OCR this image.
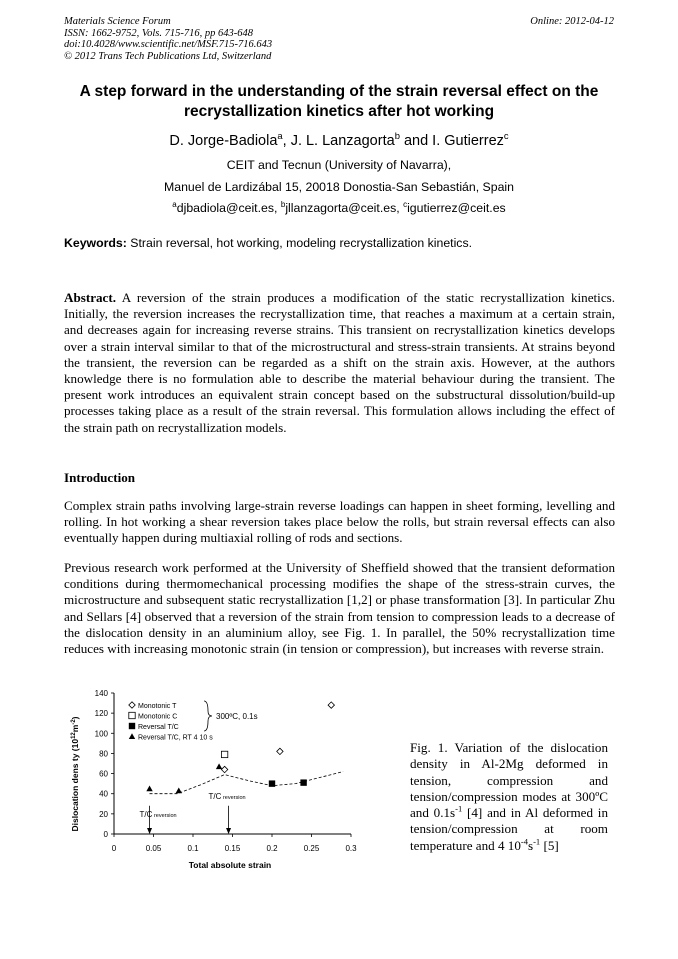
Materials Science Forum
ISSN: 1662-9752, Vols. 715-716, pp 643-648
doi:10.4028/www.scientific.net/MSF.715-716.643
© 2012 Trans Tech Publications Ltd, Switzerland
Online: 2012-04-12
A step forward in the understanding of the strain reversal effect on the recrystallization kinetics after hot working
D. Jorge-Badiola$^a$, J. L. Lanzagorta$^b$ and I. Gutierrez$^c$
CEIT and Tecnun (University of Navarra),
Manuel de Lardizábal 15, 20018 Donostia-San Sebastián, Spain
$^a$djbadiola@ceit.es, $^b$jllanzagorta@ceit.es, $^c$igutierrez@ceit.es
Keywords: Strain reversal, hot working, modeling recrystallization kinetics.
Abstract. A reversion of the strain produces a modification of the static recrystallization kinetics. Initially, the reversion increases the recrystallization time, that reaches a maximum at a certain strain, and decreases again for increasing reverse strains. This transient on recrystallization kinetics develops over a strain interval similar to that of the microstructural and stress-strain transients. At strains beyond the transient, the reversion can be regarded as a shift on the strain axis. However, at the authors knowledge there is no formulation able to describe the material behaviour during the transient. The present work introduces an equivalent strain concept based on the substructural dissolution/build-up processes taking place as a result of the strain reversal. This formulation allows including the effect of the strain path on recrystallization models.
Introduction
Complex strain paths involving large-strain reverse loadings can happen in sheet forming, levelling and rolling. In hot working a shear reversion takes place below the rolls, but strain reversal effects can also eventually happen during multiaxial rolling of rods and sections.
Previous research work performed at the University of Sheffield showed that the transient deformation conditions during thermomechanical processing modifies the shape of the stress-strain curves, the microstructure and subsequent static recrystallization [1,2] or phase transformation [3]. In particular Zhu and Sellars [4] observed that a reversion of the strain from tension to compression leads to a decrease of the dislocation density in an aluminium alloy, see Fig. 1. In parallel, the 50% recrystallization time reduces with increasing monotonic strain (in tension or compression), but increases with reverse strain.
0	0.05	0.1	0.15	0.2	0.25	0.3
0
20
40
60
80
100
120
140
Monotonic T
Monotonic C
Reversal T/C
Reversal T/C, RT 4 10 s
300ºC, 0.1s
T/C reversion
T/C reversion
Total absolute strain
Dislocation dens ty $(10^{12}m^{-2})$
Fig. 1. Variation of the dislocation density in Al-2Mg deformed in tension, compression and tension/compression modes at 300ºC and $0.1s^{-1}$ [4] and in Al deformed in tension/compression at room temperature and 4 $10^{-4}s^{-1}$ [5]
